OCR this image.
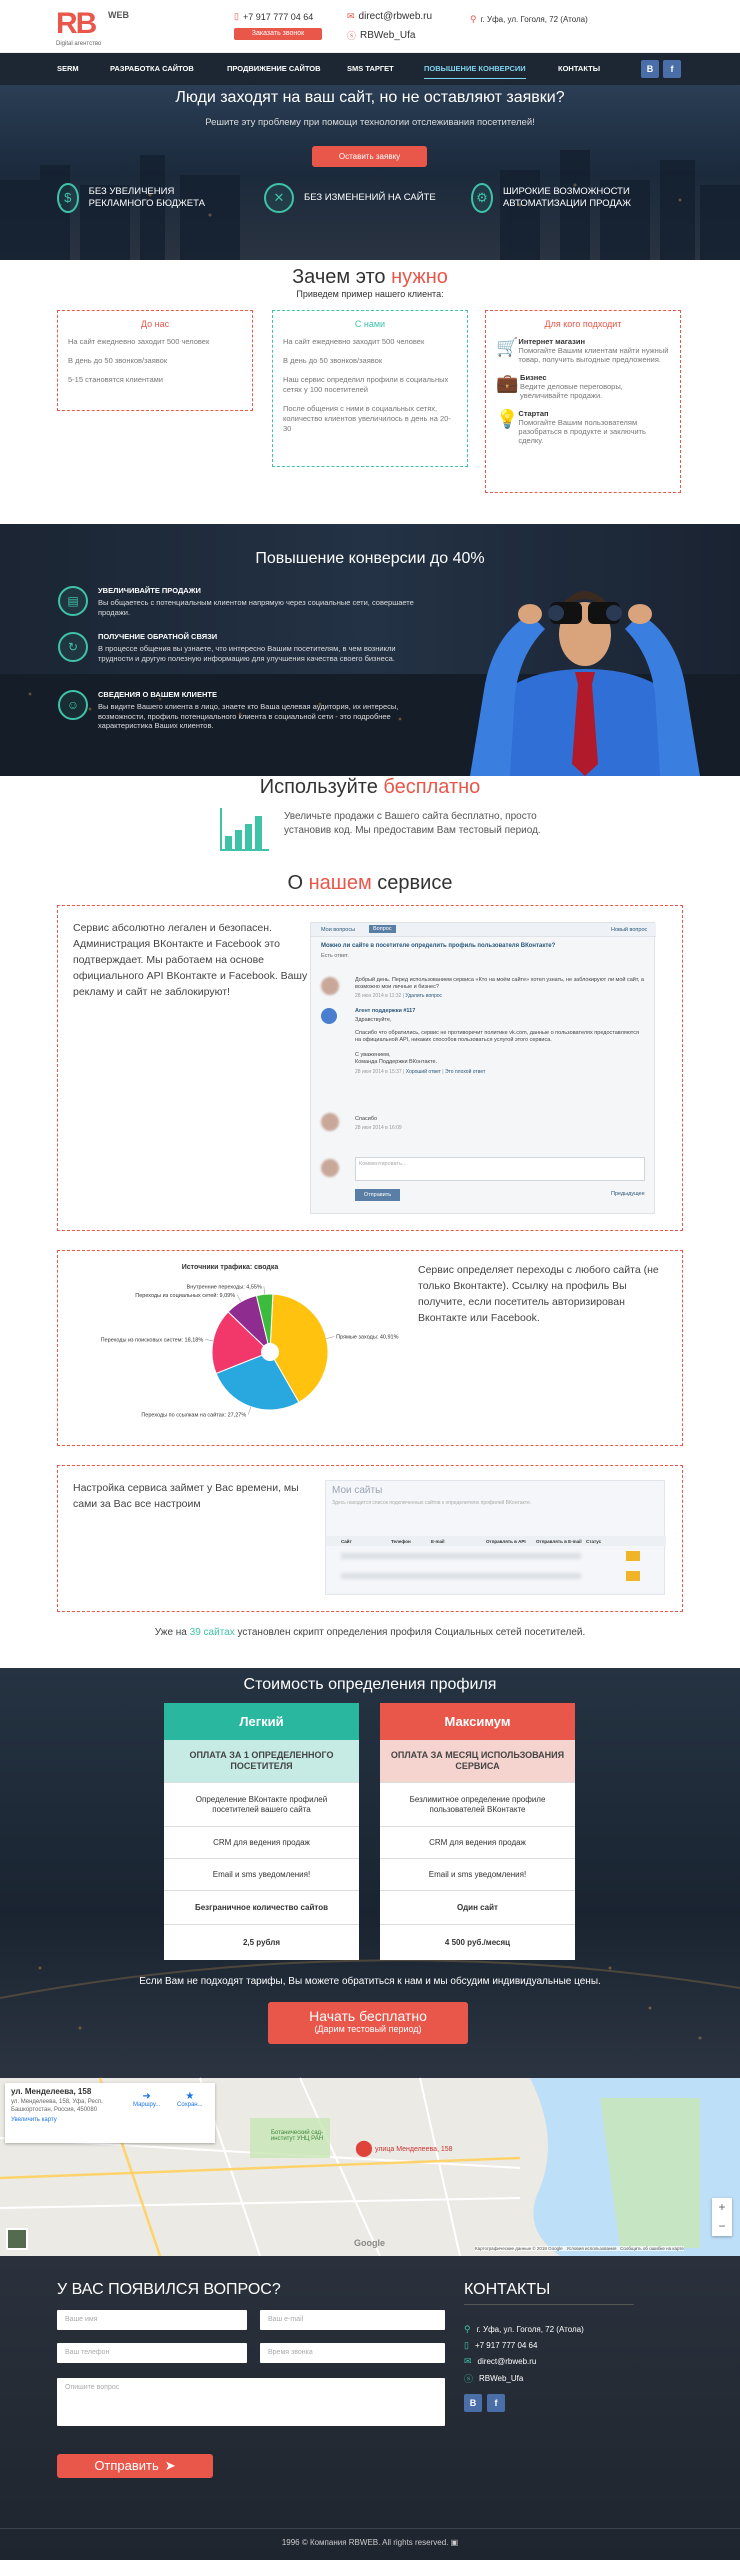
RB	WEB
Digital агентство
▯ +7 917 777 04 64
Заказать звонок
✉ direct@rbweb.ru
ⓢ RBWeb_Ufa
⚲ г. Уфа, ул. Гоголя, 72 (Атола)
SERM	РАЗРАБОТКА САЙТОВ	ПРОДВИЖЕНИЕ САЙТОВ	SMS ТАРГЕТ	ПОВЫШЕНИЕ КОНВЕРСИИ	КОНТАКТЫ	В	f
Люди заходят на ваш сайт, но не оставляют заявки?
Решите эту проблему при помощи технологии отслеживания посетителей!
Оставить заявку
$	БЕЗ УВЕЛИЧЕНИЯ РЕКЛАМНОГО БЮДЖЕТА	✕	БЕЗ ИЗМЕНЕНИЙ НА САЙТЕ	⚙	ШИРОКИЕ ВОЗМОЖНОСТИ АВТОМАТИЗАЦИИ ПРОДАЖ
Зачем это нужно
Приведем пример нашего клиента:
До нас

На сайт ежедневно заходит 500 человек

В день до 50 звонков/заявок

5-15 становятся клиентами

С нами

На сайт ежедневно заходит 500 человек

В день до 50 звонков/заявок

Наш сервис определил профили в социальных сетях у 100 посетителей

После общения с ними в социальных сетях, количество клиентов увеличилось в день на 20-30

Для кого подходит
🛒 Интернет магазин
Помогайте Вашим клиентам найти нужный товар, получить выгодные предложения.
💼 Бизнес
Ведите деловые переговоры, увеличивайте продажи.
💡 Стартап
Помогайте Вашим пользователям разобраться в продукте и заключить сделку.
Повышение конверсии до 40%
▤
УВЕЛИЧИВАЙТЕ ПРОДАЖИ
Вы общаетесь с потенциальным клиентом напрямую через социальные сети, совершаете продажи.
↻
ПОЛУЧЕНИЕ ОБРАТНОЙ СВЯЗИ
В процессе общения вы узнаете, что интересно Вашим посетителям, в чем возникли трудности и другую полезную информацию для улучшения качества своего бизнеса.
☺
СВЕДЕНИЯ О ВАШЕМ КЛИЕНТЕ
Вы видите Вашего клиента в лицо, знаете кто Ваша целевая аудитория, их интересы, возможности, профиль потенциального клиента в социальной сети - это подробнее характеристика Ваших клиентов.
Используйте бесплатно
Увеличьте продажи с Вашего сайта бесплатно, просто установив код. Мы предоставим Вам тестовый период.
О нашем сервисе
Сервис абсолютно легален и безопасен. Администрация ВКонтакте и Facebook это подтверждает. Мы работаем на основе официального API ВКонтакте и Facebook. Вашу рекламу и сайт не заблокируют!
Мои вопросы	Вопрос	Новый вопрос
Можно ли сайте в посетителе определить профиль пользователя ВКонтакте?
Есть ответ.
Добрый день. Перед использованием сервиса «Кто на моём сайте» хотел узнать, не заблокируют ли мой сайт, а возможно мои личные и бизнес?
28 июн 2014 в 11:32 | Удалить вопрос
Агент поддержки #117
Здравствуйте,
Спасибо что обратились, сервис не противоречит политике vk.com, данные о пользователях предоставляются на официальной API, никаких способов пользоваться услугой этого сервиса.
С уважением,
Команда Поддержки ВКонтакте.
28 июн 2014 в 15:37 | Хороший ответ | Это плохой ответ
Спасибо
28 июн 2014 в 16:09
Комментировать...
Отправить	Предыдущее
Источники трафика: сводка
Прямые заходы: 40,91%
Переходы по ссылкам на сайтах: 27,27%
Переходы из поисковых систем: 18,18%
Переходы из социальных сетей: 9,09%
Внутренние переходы: 4,55%
Сервис определяет переходы с любого сайта (не только Вконтакте). Ссылку на профиль Вы получите, если посетитель авторизирован Вконтакте или Facebook.
Настройка сервиса займет у Вас времени, мы сами за Вас все настроим
Мои сайты
Здесь находится список подключенных сайтов к определителю профилей ВКонтакте.
Сайт	Телефон	E-mail	Отправлять в API Отправлять в E-mail Статус
Уже на 39 сайтах установлен скрипт определения профиля Социальных сетей посетителей.
Стоимость определения профиля
Легкий
ОПЛАТА ЗА 1 ОПРЕДЕЛЕННОГО ПОСЕТИТЕЛЯ
Определение ВКонтакте профилей посетителей вашего сайта
CRM для ведения продаж
Email и sms уведомления!
Безграничное количество сайтов
2,5 рубля
Максимум
ОПЛАТА ЗА МЕСЯЦ ИСПОЛЬЗОВАНИЯ СЕРВИСА
Безлимитное определение профиле пользователей ВКонтакте
CRM для ведения продаж
Email и sms уведомления!
Один сайт
4 500 руб./месяц
Если Вам не подходят тарифы, Вы можете обратиться к нам и мы обсудим индивидуальные цены.
Начать бесплатно
(Дарим тестовый период)
ул. Менделеева, 158
ул. Менделеева, 158, Уфа, Респ. Башкортостан, Россия, 450080
Увеличить карту
➜
Маршру...
★
Сохран...
Ботанический сад-институт УНЦ РАН
⬤ улица Менделеева, 158
Google
Картографические данные © 2018 Google Условия использования Сообщить об ошибке на карте
+
−
У ВАС ПОЯВИЛСЯ ВОПРОС?
Ваше имя	Ваш e-mail
Ваш телефон	Время звонка
Опишите вопрос
Отправить ➤
КОНТАКТЫ
⚲ г. Уфа, ул. Гоголя, 72 (Атола)
▯ +7 917 777 04 64
✉ direct@rbweb.ru
ⓢ RBWeb_Ufa
В	f
1996 © Компания RBWEB. All rights reserved. ▣
